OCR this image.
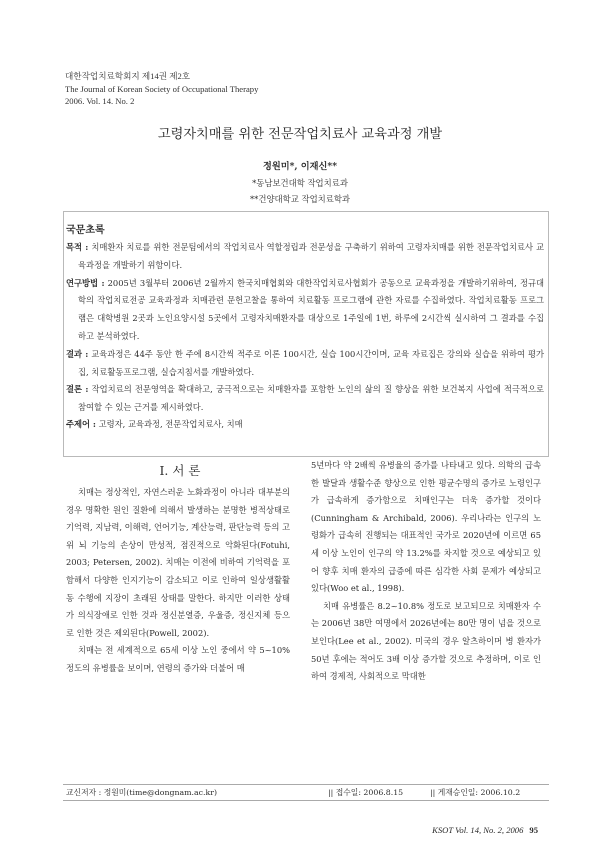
대한작업치료학회지 제14권 제2호
The Journal of Korean Society of Occupational Therapy
2006. Vol. 14. No. 2
고령자치매를 위한 전문작업치료사 교육과정 개발
정원미*, 이재신**
*동남보건대학 작업치료과
**건양대학교 작업치료학과
국문초록
목적 : 치매환자 치료를 위한 전문팀에서의 작업치료사 역할정립과 전문성을 구축하기 위하여 고령자치매를 위한 전문작업치료사 교육과정을 개발하기 위함이다.
연구방법 : 2005년 3월부터 2006년 2월까지 한국치매협회와 대한작업치료사협회가 공동으로 교육과정을 개발하기위하여, 정규대학의 작업치료전공 교육과정과 치매관련 문헌고찰을 통하여 치료활동 프로그램에 관한 자료를 수집하였다. 작업치료활동 프로그램은 대학병원 2곳과 노인요양시설 5곳에서 고령자치매환자를 대상으로 1주일에 1번, 하루에 2시간씩 실시하여 그 결과를 수집하고 분석하였다.
결과 : 교육과정은 44주 동안 한 주에 8시간씩 적주로 이론 100시간, 실습 100시간이며, 교육 자료집은 강의와 실습을 위하여 평가집, 치료활동프로그램, 실습지침서를 개발하였다.
결론 : 작업치료의 전문영역을 확대하고, 궁극적으로는 치매환자를 포함한 노인의 삶의 질 향상을 위한 보건복지 사업에 적극적으로 참여할 수 있는 근거를 제시하였다.
주제어 : 고령자, 교육과정, 전문작업치료사, 치매
Ⅰ. 서 론

치매는 정상적인, 자연스러운 노화과정이 아니라 대부분의 경우 명확한 원인 질환에 의해서 발생하는 분명한 병적상태로 기억력, 지남력, 이해력, 언어기능, 계산능력, 판단능력 등의 고위 뇌 기능의 손상이 만성적, 점진적으로 악화된다(Fotuhi, 2003; Petersen, 2002). 치매는 이전에 비하여 기억력을 포함해서 다양한 인지기능이 감소되고 이로 인하여 일상생활활동 수행에 지장이 초래된 상태를 말한다. 하지만 이러한 상태가 의식장애로 인한 것과 정신분열증, 우울증, 정신지체 등으로 인한 것은 제외된다(Powell, 2002).

치매는 전 세계적으로 65세 이상 노인 중에서 약 5~10% 정도의 유병률을 보이며, 연령의 증가와 더불어 매

5년마다 약 2배씩 유병율의 증가를 나타내고 있다. 의학의 급속한 발달과 생활수준 향상으로 인한 평균수명의 증가로 노령인구가 급속하게 증가함으로 치매인구는 더욱 증가할 것이다(Cunningham & Archibald, 2006). 우리나라는 인구의 노령화가 급속히 진행되는 대표적인 국가로 2020년에 이르면 65세 이상 노인이 인구의 약 13.2%를 차지할 것으로 예상되고 있어 향후 치매 환자의 급증에 따른 심각한 사회 문제가 예상되고 있다(Woo et al., 1998).

치매 유병률은 8.2~10.8% 정도로 보고되므로 치매환자 수는 2006년 38만 여명에서 2026년에는 80만 명이 넘을 것으로 보인다(Lee et al., 2002). 미국의 경우 알츠하이머 병 환자가 50년 후에는 적어도 3배 이상 증가할 것으로 추정하며, 이로 인하여 경제적, 사회적으로 막대한

교신저자 : 정원미(time@dongnam.ac.kr)	|| 접수일: 2006.8.15	|| 게재승인일: 2006.10.2
KSOT Vol. 14, No. 2, 2006 95
